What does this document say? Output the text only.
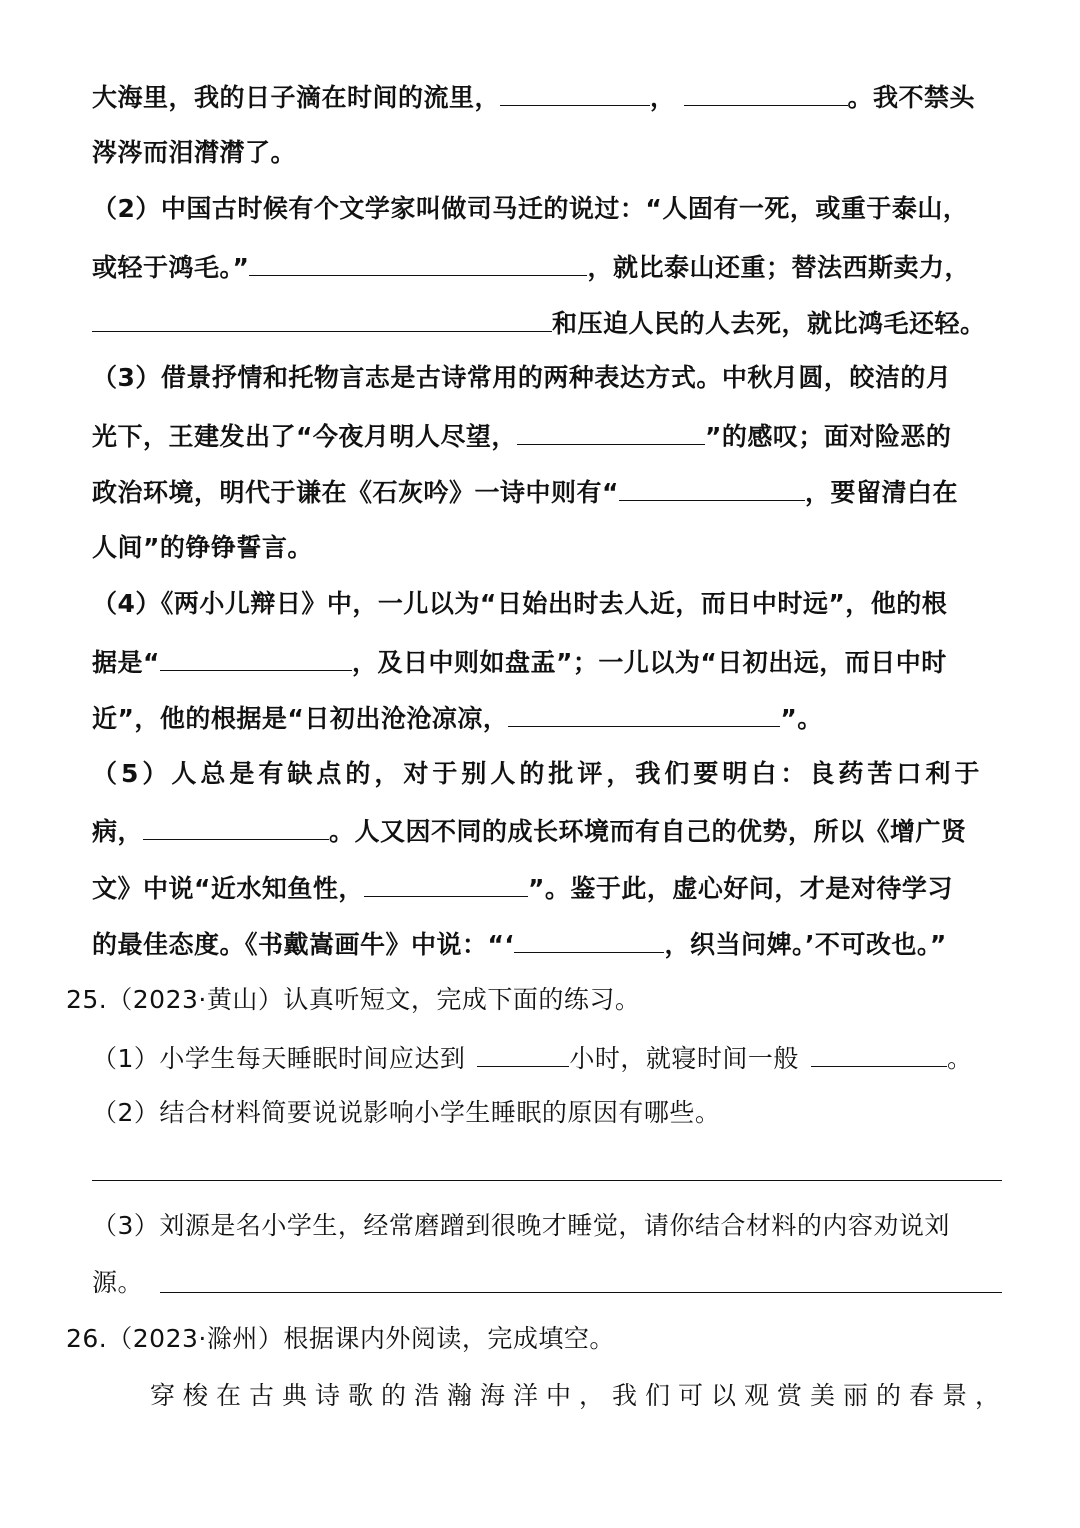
大海里，我的日子滴在时间的流里，	，	。我不禁头
涔涔而泪潸潸了。
（2）中国古时候有个文学家叫做司马迁的说过：“人固有一死，或重于泰山，
或轻于鸿毛。”	，就比泰山还重；替法西斯卖力，
和压迫人民的人去死，就比鸿毛还轻。
（3）借景抒情和托物言志是古诗常用的两种表达方式。中秋月圆，皎洁的月
光下，王建发出了“今夜月明人尽望，	”的感叹；面对险恶的
政治环境，明代于谦在《石灰吟》一诗中则有“	，要留清白在
人间”的铮铮誓言。
（4）《两小儿辩日》中，一儿以为“日始出时去人近，而日中时远”，他的根
据是“	，及日中则如盘盂”；一儿以为“日初出远，而日中时
近”，他的根据是“日初出沧沧凉凉，	”。
（5）人总是有缺点的，对于别人的批评，我们要明白：良药苦口利于
病，	。人又因不同的成长环境而有自己的优势，所以《增广贤
文》中说“近水知鱼性，	”。鉴于此，虚心好问，才是对待学习
的最佳态度。《书戴嵩画牛》中说：“‘	，织当问婢。’不可改也。”
25.（2023·黄山）认真听短文，完成下面的练习。
（1）小学生每天睡眠时间应达到	小时，就寝时间一般	。
（2）结合材料简要说说影响小学生睡眠的原因有哪些。
（3）刘源是名小学生，经常磨蹭到很晚才睡觉，请你结合材料的内容劝说刘
源。
26.（2023·滁州）根据课内外阅读，完成填空。
穿梭在古典诗歌的浩瀚海洋中，我们可以观赏美丽的春景，
